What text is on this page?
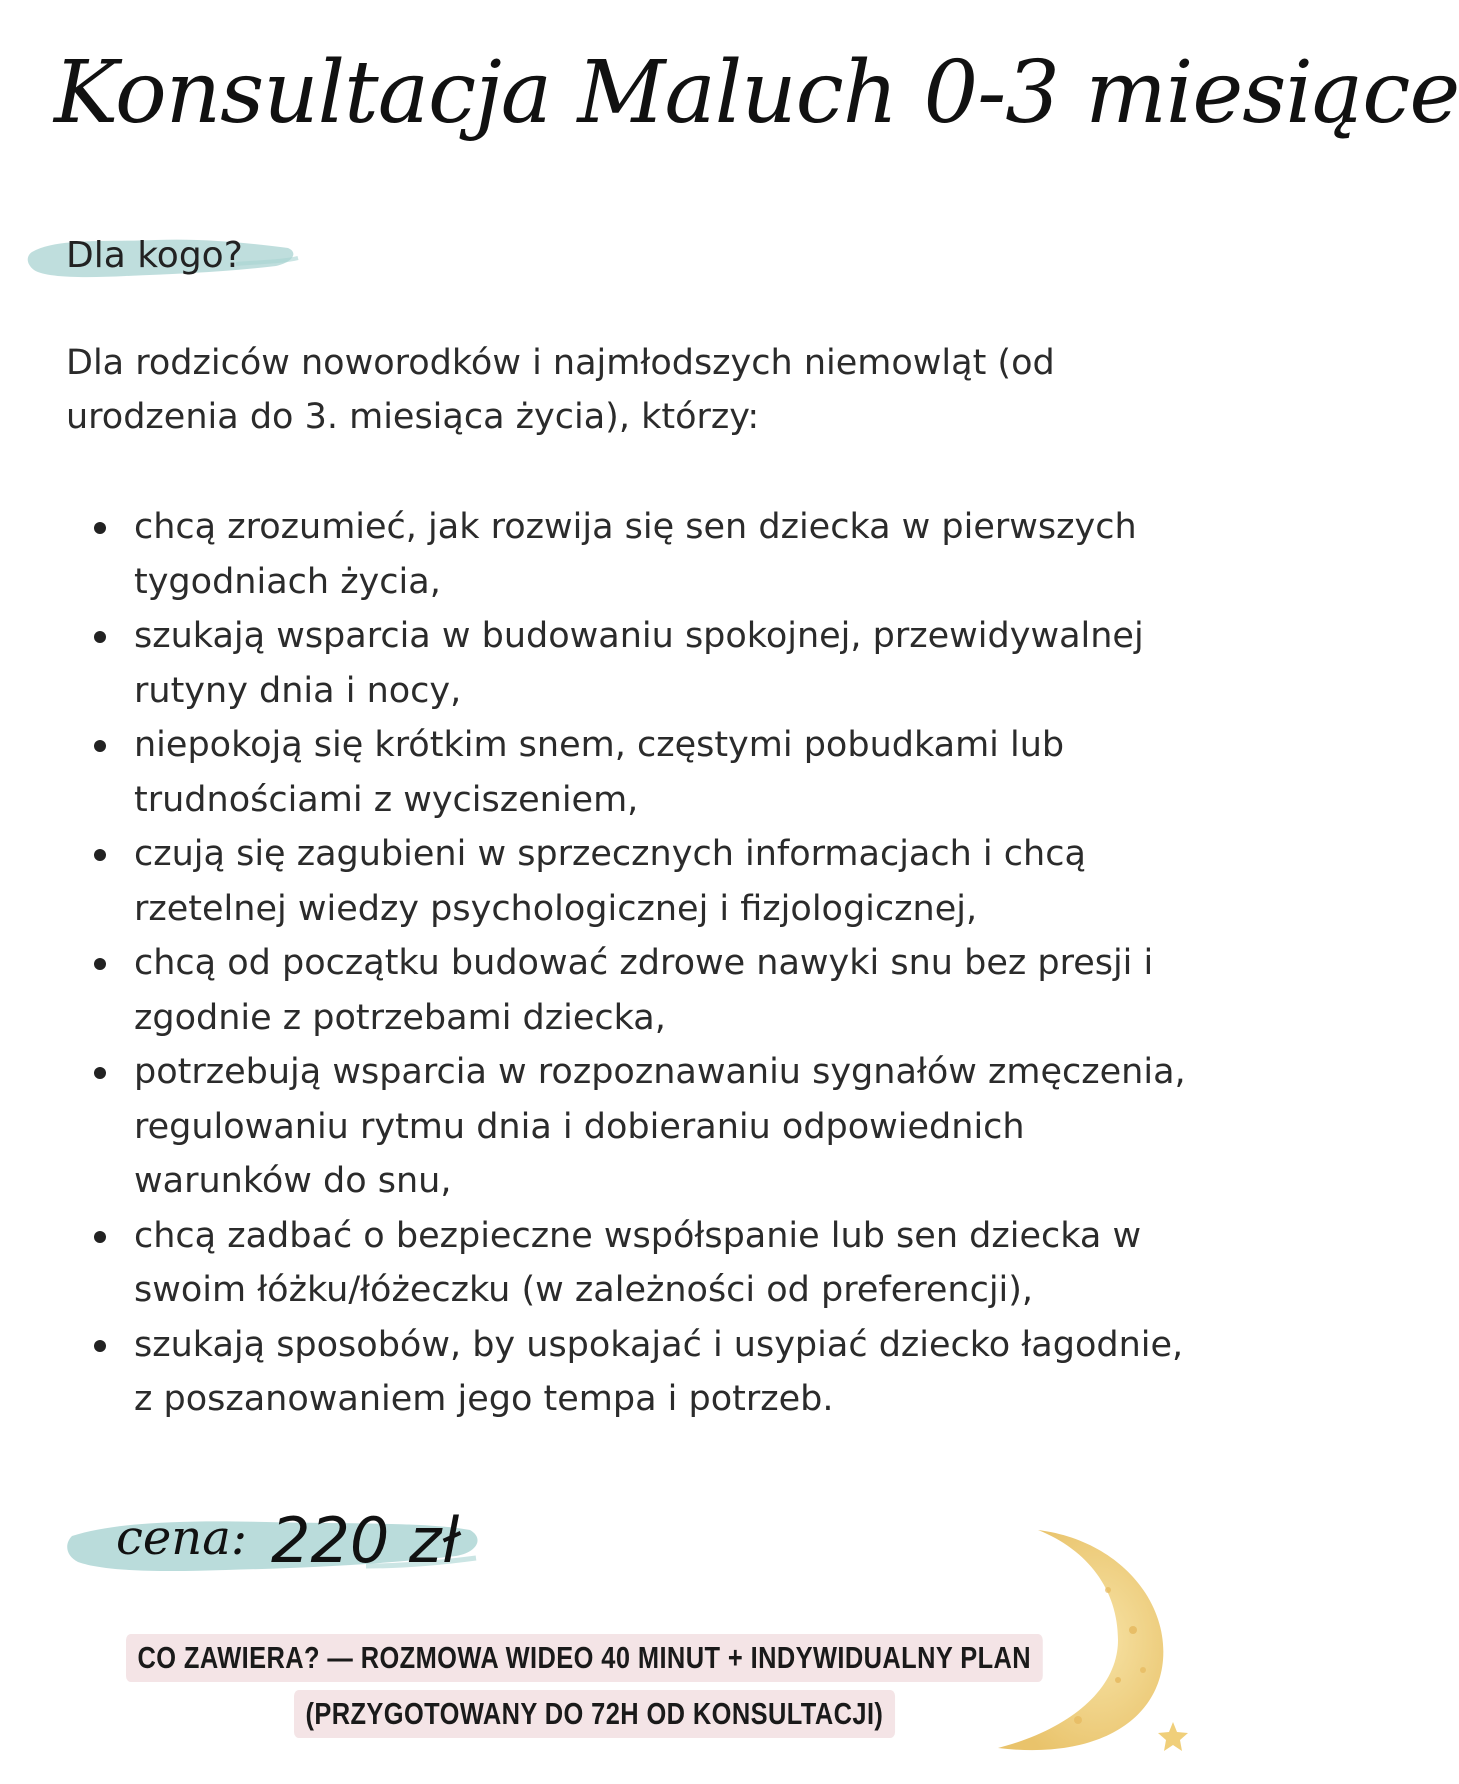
Konsultacja Maluch 0-3 miesiące
Dla kogo?

Dla rodziców noworodków i najmłodszych niemowląt (od urodzenia do 3. miesiąca życia), którzy:

chcą zrozumieć, jak rozwija się sen dziecka w pierwszych tygodniach życia,
szukają wsparcia w budowaniu spokojnej, przewidywalnej rutyny dnia i nocy,
niepokoją się krótkim snem, częstymi pobudkami lub trudnościami z wyciszeniem,
czują się zagubieni w sprzecznych informacjach i chcą rzetelnej wiedzy psychologicznej i fizjologicznej,
chcą od początku budować zdrowe nawyki snu bez presji i zgodnie z potrzebami dziecka,
potrzebują wsparcia w rozpoznawaniu sygnałów zmęczenia, regulowaniu rytmu dnia i dobieraniu odpowiednich warunków do snu,
chcą zadbać o bezpieczne współspanie lub sen dziecka w swoim łóżku/łóżeczku (w zależności od preferencji),
szukają sposobów, by uspokajać i usypiać dziecko łagodnie, z poszanowaniem jego tempa i potrzeb.
cena: 220 zł
CO ZAWIERA? — ROZMOWA WIDEO 40 MINUT + INDYWIDUALNY PLAN
(PRZYGOTOWANY DO 72H OD KONSULTACJI)
